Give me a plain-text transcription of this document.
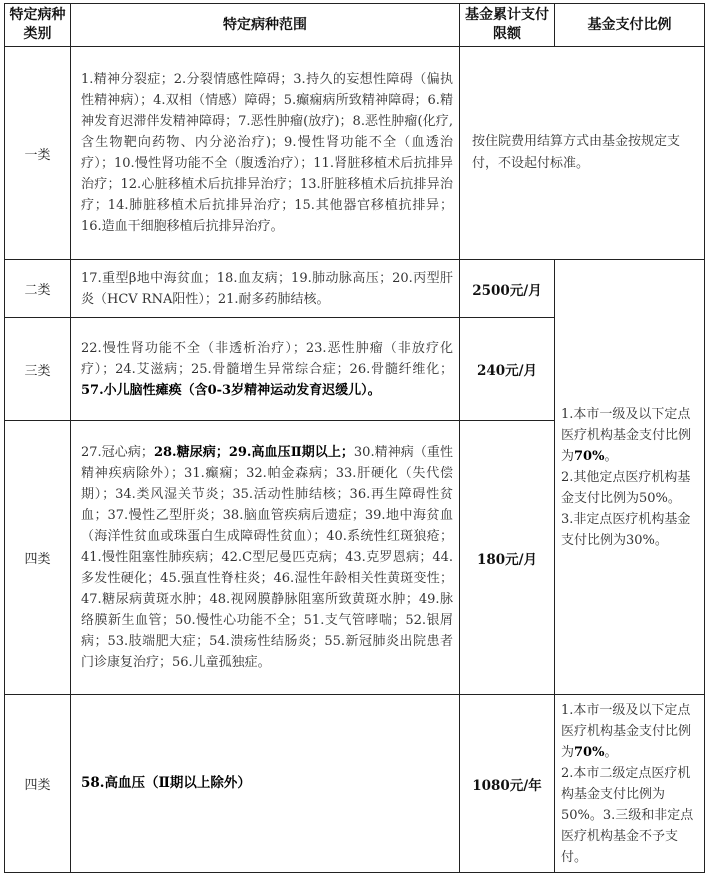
特定病种类别	特定病种范围	基金累计支付限额	基金支付比例
一类	1.精神分裂症；2.分裂情感性障碍；3.持久的妄想性障碍（偏执性精神病）；4.双相（情感）障碍；5.癫痫病所致精神障碍；6.精神发育迟滞伴发精神障碍；7.恶性肿瘤(放疗)；8.恶性肿瘤(化疗,含生物靶向药物、内分泌治疗)；9.慢性肾功能不全（血透治疗）；10.慢性肾功能不全（腹透治疗）；11.肾脏移植术后抗排异治疗；12.心脏移植术后抗排异治疗；13.肝脏移植术后抗排异治疗；14.肺脏移植术后抗排异治疗；15.其他器官移植抗排异；16.造血干细胞移植后抗排异治疗。	按住院费用结算方式由基金按规定支付，不设起付标准。	
二类	17.重型β地中海贫血；18.血友病；19.肺动脉高压；20.丙型肝炎（HCV RNA阳性）；21.耐多药肺结核。	2500元/月	1.本市一级及以下定点医疗机构基金支付比例为70%。
2.其他定点医疗机构基金支付比例为50%。
3.非定点医疗机构基金支付比例为30%。
三类	22.慢性肾功能不全（非透析治疗）；23.恶性肿瘤（非放疗化疗）；24.艾滋病；25.骨髓增生异常综合症；26.骨髓纤维化；57.小儿脑性瘫痪（含0-3岁精神运动发育迟缓儿）。	240元/月	
四类	27.冠心病；28.糖尿病；29.高血压Ⅱ期以上；30.精神病（重性精神疾病除外）；31.癫痫；32.帕金森病；33.肝硬化（失代偿期）；34.类风湿关节炎；35.活动性肺结核；36.再生障碍性贫血；37.慢性乙型肝炎；38.脑血管疾病后遗症；39.地中海贫血（海洋性贫血或珠蛋白生成障碍性贫血）；40.系统性红斑狼疮；41.慢性阻塞性肺疾病；42.C型尼曼匹克病；43.克罗恩病；44.多发性硬化；45.强直性脊柱炎；46.湿性年龄相关性黄斑变性；47.糖尿病黄斑水肿；48.视网膜静脉阻塞所致黄斑水肿；49.脉络膜新生血管；50.慢性心功能不全；51.支气管哮喘；52.银屑病；53.肢端肥大症；54.溃疡性结肠炎；55.新冠肺炎出院患者门诊康复治疗；56.儿童孤独症。	180元/月	
四类	58.高血压（Ⅱ期以上除外）	1080元/年	1.本市一级及以下定点医疗机构基金支付比例为70%。
2.本市二级定点医疗机构基金支付比例为50%。3.三级和非定点医疗机构基金不予支付。
